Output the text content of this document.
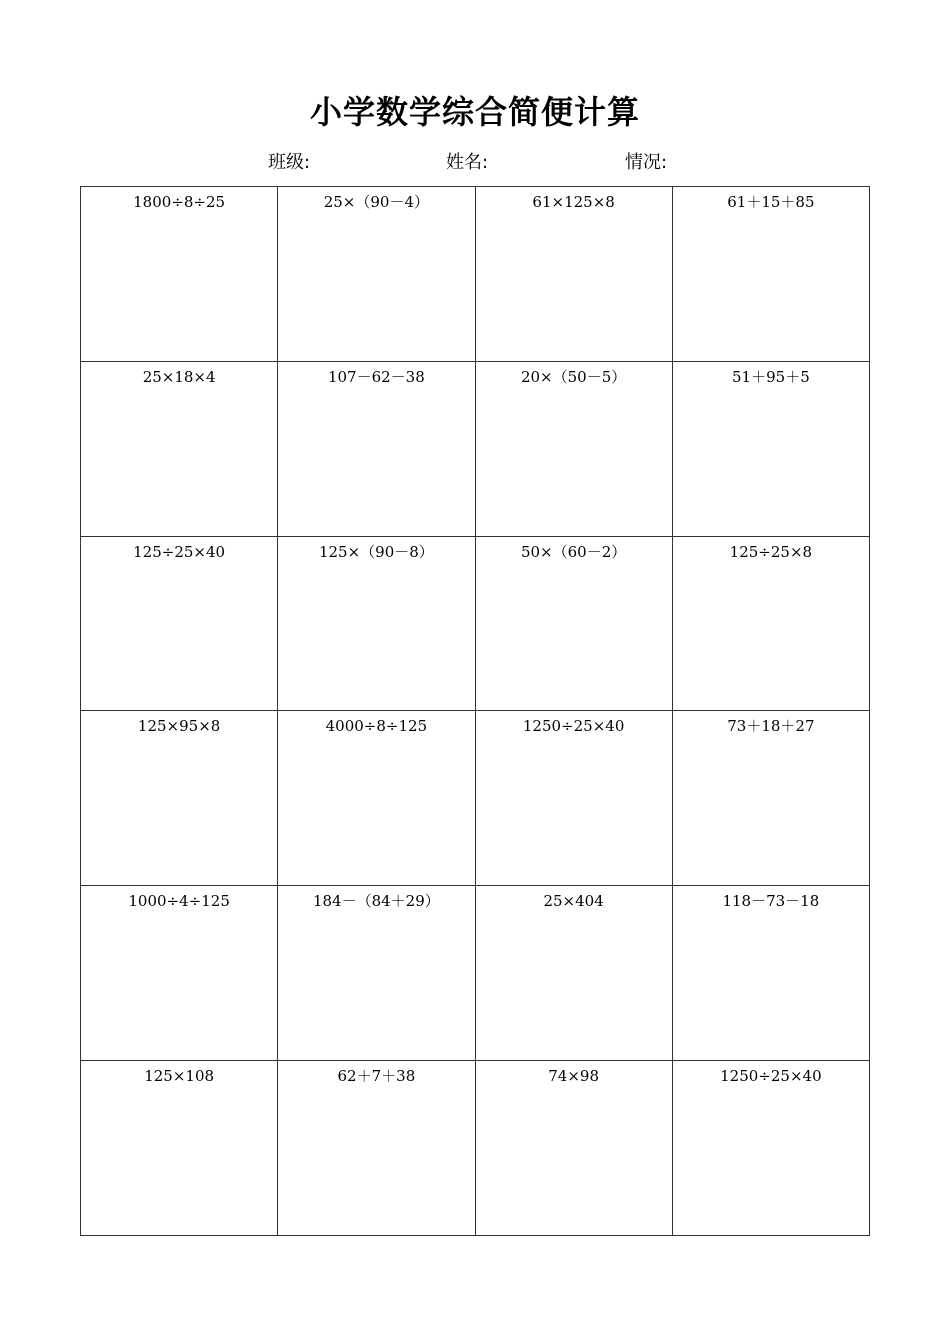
小学数学综合简便计算
班级:	姓名:	情况:
1800÷8÷25	25×（90－4）	61×125×8	61＋15＋85
25×18×4	107－62－38	20×（50－5）	51＋95＋5
125÷25×40	125×（90－8）	50×（60－2）	125÷25×8
125×95×8	4000÷8÷125	1250÷25×40	73＋18＋27
1000÷4÷125	184－（84＋29）	25×404	118－73－18
125×108	62＋7＋38	74×98	1250÷25×40
